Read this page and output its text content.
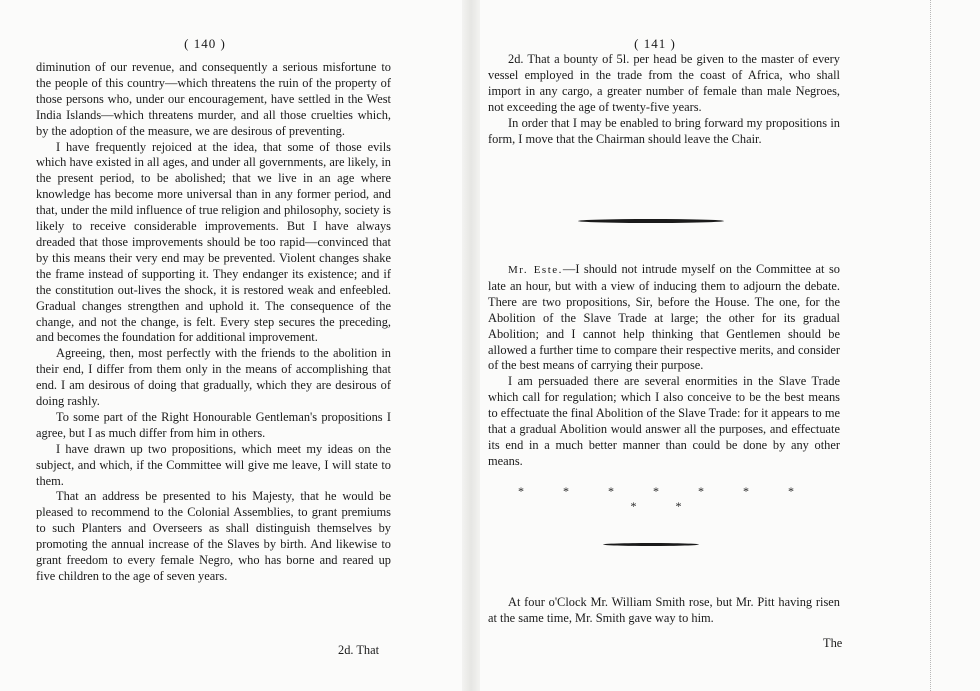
( 140 )	( 141 )

diminution of our revenue, and consequently a serious misfortune to the people of this country—which threatens the ruin of the property of those persons who, under our encouragement, have settled in the West India Islands—which threatens murder, and all those cruelties which, by the adoption of the measure, we are desirous of preventing.

I have frequently rejoiced at the idea, that some of those evils which have existed in all ages, and under all governments, are likely, in the present period, to be abolished; that we live in an age where knowledge has become more universal than in any former period, and that, under the mild influence of true religion and philosophy, society is likely to receive considerable improvements. But I have always dreaded that those improvements should be too rapid—convinced that by this means their very end may be prevented. Violent changes shake the frame instead of supporting it. They endanger its existence; and if the constitution out-lives the shock, it is restored weak and enfeebled. Gradual changes strengthen and uphold it. The consequence of the change, and not the change, is felt. Every step secures the preceding, and becomes the foundation for additional improvement.

Agreeing, then, most perfectly with the friends to the abolition in their end, I differ from them only in the means of accomplishing that end. I am desirous of doing that gradually, which they are desirous of doing rashly.

To some part of the Right Honourable Gentleman's propositions I agree, but I as much differ from him in others.

I have drawn up two propositions, which meet my ideas on the subject, and which, if the Committee will give me leave, I will state to them.

That an address be presented to his Majesty, that he would be pleased to recommend to the Colonial Assemblies, to grant premiums to such Planters and Overseers as shall distinguish themselves by promoting the annual increase of the Slaves by birth. And likewise to grant freedom to every female Negro, who has borne and reared up five children to the age of seven years.

2d. That

2d. That a bounty of 5l. per head be given to the master of every vessel employed in the trade from the coast of Africa, who shall import in any cargo, a greater number of female than male Negroes, not exceeding the age of twenty-five years.

In order that I may be enabled to bring forward my propositions in form, I move that the Chairman should leave the Chair.

Mr. Este.—I should not intrude myself on the Committee at so late an hour, but with a view of inducing them to adjourn the debate. There are two propositions, Sir, before the House. The one, for the Abolition of the Slave Trade at large; the other for its gradual Abolition; and I cannot help thinking that Gentlemen should be allowed a further time to compare their respective merits, and consider of the best means of carrying their purpose.

I am persuaded there are several enormities in the Slave Trade which call for regulation; which I also conceive to be the best means to effectuate the final Abolition of the Slave Trade: for it appears to me that a gradual Abolition would answer all the purposes, and effectuate its end in a much better manner than could be done by any other means.

* * * * * * * * *

At four o'Clock Mr. William Smith rose, but Mr. Pitt having risen at the same time, Mr. Smith gave way to him.

The
